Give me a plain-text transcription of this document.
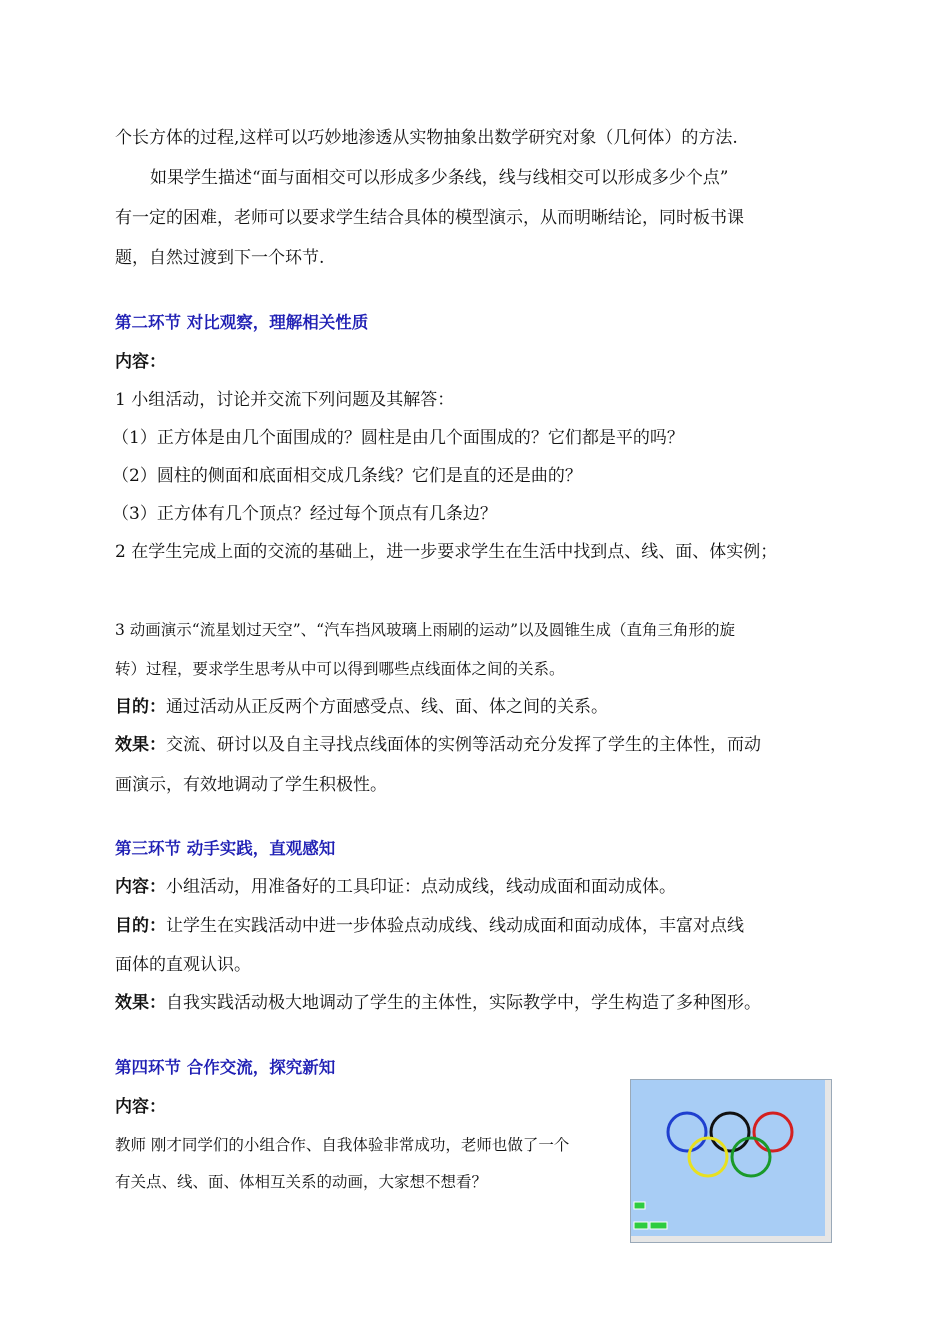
个长方体的过程,这样可以巧妙地渗透从实物抽象出数学研究对象（几何体）的方法.
如果学生描述“面与面相交可以形成多少条线，线与线相交可以形成多少个点”
有一定的困难，老师可以要求学生结合具体的模型演示，从而明晰结论，同时板书课
题，自然过渡到下一个环节.
第二环节 对比观察，理解相关性质
内容：
1 小组活动，讨论并交流下列问题及其解答：
（1）正方体是由几个面围成的？圆柱是由几个面围成的？它们都是平的吗？
（2）圆柱的侧面和底面相交成几条线？它们是直的还是曲的？
（3）正方体有几个顶点？经过每个顶点有几条边？
2 在学生完成上面的交流的基础上，进一步要求学生在生活中找到点、线、面、体实例；
3 动画演示“流星划过天空”、“汽车挡风玻璃上雨刷的运动”以及圆锥生成（直角三角形的旋
转）过程，要求学生思考从中可以得到哪些点线面体之间的关系。
目的：通过活动从正反两个方面感受点、线、面、体之间的关系。
效果：交流、研讨以及自主寻找点线面体的实例等活动充分发挥了学生的主体性，而动
画演示，有效地调动了学生积极性。
第三环节 动手实践，直观感知
内容：小组活动，用准备好的工具印证：点动成线，线动成面和面动成体。
目的：让学生在实践活动中进一步体验点动成线、线动成面和面动成体，丰富对点线
面体的直观认识。
效果：自我实践活动极大地调动了学生的主体性，实际教学中，学生构造了多种图形。
第四环节 合作交流，探究新知
内容：
教师 刚才同学们的小组合作、自我体验非常成功，老师也做了一个
有关点、线、面、体相互关系的动画，大家想不想看？
